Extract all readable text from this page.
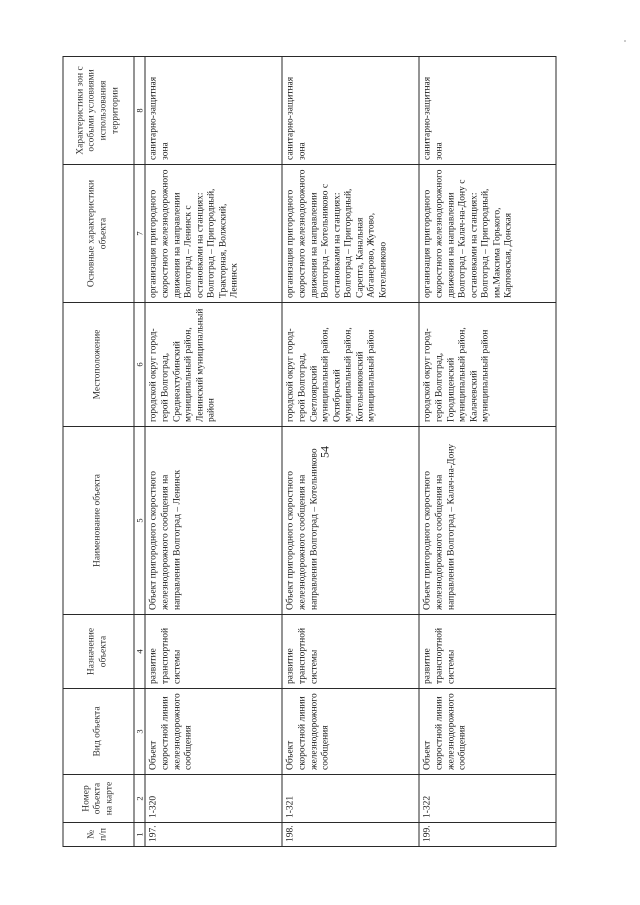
54
№ п/п	Номер объекта на карте	Вид объекта	Назначение объекта	Наименование объекта	Местоположение	Основные характеристики объекта	Характеристики зон с особыми условиями использования территории
1	2	3	4	5	6	7	8
197.	1-320	Объект скоростной линии железнодорожного сообщения	развитие транспортной системы	Объект пригородного скоростного железнодорожного сообщения на направлении Волгоград – Ленинск	городской округ город-герой Волгоград, Среднеахтубинский муниципальный район, Ленинский муниципальный район	организация пригородного скоростного железнодорожного движения на направлении Волгоград – Ленинск с остановками на станциях: Волгоград – Пригородный, Тракторная, Волжский, Ленинск	санитарно-защитная зона
198.	1-321	Объект скоростной линии железнодорожного сообщения	развитие транспортной системы	Объект пригородного скоростного железнодорожного сообщения на направлении Волгоград – Котельниково	городской округ город-герой Волгоград, Светлоярский муниципальный район, Октябрьский муниципальный район, Котельниковский муниципальный район	организация пригородного скоростного железнодорожного движения на направлении Волгоград – Котельниково с остановками на станциях: Волгоград – Пригородный, Сарепта, Канальная Абганерово, Жутово, Котельниково	санитарно-защитная зона
199.	1-322	Объект скоростной линии железнодорожного сообщения	развитие транспортной системы	Объект пригородного скоростного железнодорожного сообщения на направлении Волгоград – Калач-на-Дону	городской округ город-герой Волгоград, Городищенский муниципальный район, Калачевский муниципальный район	организация пригородного скоростного железнодорожного движения на направлении Волгоград – Калач-на-Дону с остановками на станциях: Волгоград – Пригородный, им.Максима Горького, Карповская, Донская	санитарно-защитная зона
